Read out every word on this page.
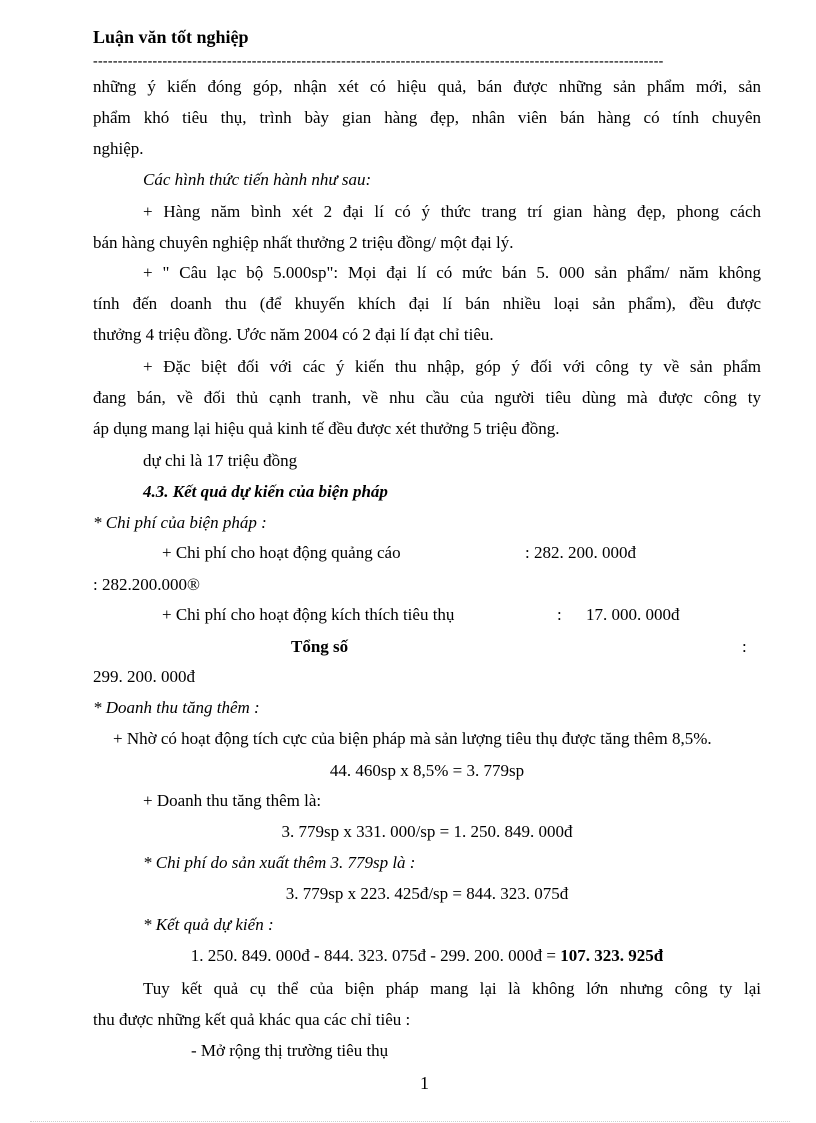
Luận văn tốt nghiệp
-------------------------------------------------------------------------------------------------------------------
những ý kiến đóng góp, nhận xét có hiệu quả, bán được những sản phẩm mới, sản
phẩm khó tiêu thụ, trình bày gian hàng đẹp, nhân viên bán hàng có tính chuyên
nghiệp.
Các hình thức tiến hành như sau:
+ Hàng năm bình xét 2 đại lí có ý thức trang trí gian hàng đẹp, phong cách
bán hàng chuyên nghiệp nhất thưởng 2 triệu đồng/ một đại lý.
+ " Câu lạc bộ 5.000sp": Mọi đại lí có mức bán 5. 000 sản phẩm/ năm không
tính đến doanh thu (để khuyến khích đại lí bán nhiều loại sản phẩm), đều được
thưởng 4 triệu đồng. Ước năm 2004 có 2 đại lí đạt chỉ tiêu.
+ Đặc biệt đối với các ý kiến thu nhập, góp ý đối với công ty về sản phẩm
đang bán, về đối thủ cạnh tranh, về nhu cầu của người tiêu dùng mà được công ty
áp dụng mang lại hiệu quả kinh tế đều được xét thưởng 5 triệu đồng.
dự chi là 17 triệu đồng
4.3. Kết quả dự kiến của biện pháp
* Chi phí của biện pháp :
+ Chi phí cho hoạt động quảng cáo	: 282. 200. 000đ
: 282.200.000®
+ Chi phí cho hoạt động kích thích tiêu thụ	: 17. 000. 000đ
Tổng số	:
299. 200. 000đ
* Doanh thu tăng thêm :
+ Nhờ có hoạt động tích cực của biện pháp mà sản lượng tiêu thụ được tăng thêm 8,5%.
44. 460sp x 8,5% = 3. 779sp
+ Doanh thu tăng thêm là:
3. 779sp x 331. 000/sp = 1. 250. 849. 000đ
* Chi phí do sản xuất thêm 3. 779sp là :
3. 779sp x 223. 425đ/sp = 844. 323. 075đ
* Kết quả dự kiến :
1. 250. 849. 000đ - 844. 323. 075đ - 299. 200. 000đ = 107. 323. 925đ
Tuy kết quả cụ thể của biện pháp mang lại là không lớn nhưng công ty lại
thu được những kết quả khác qua các chỉ tiêu :
- Mở rộng thị trường tiêu thụ
1
